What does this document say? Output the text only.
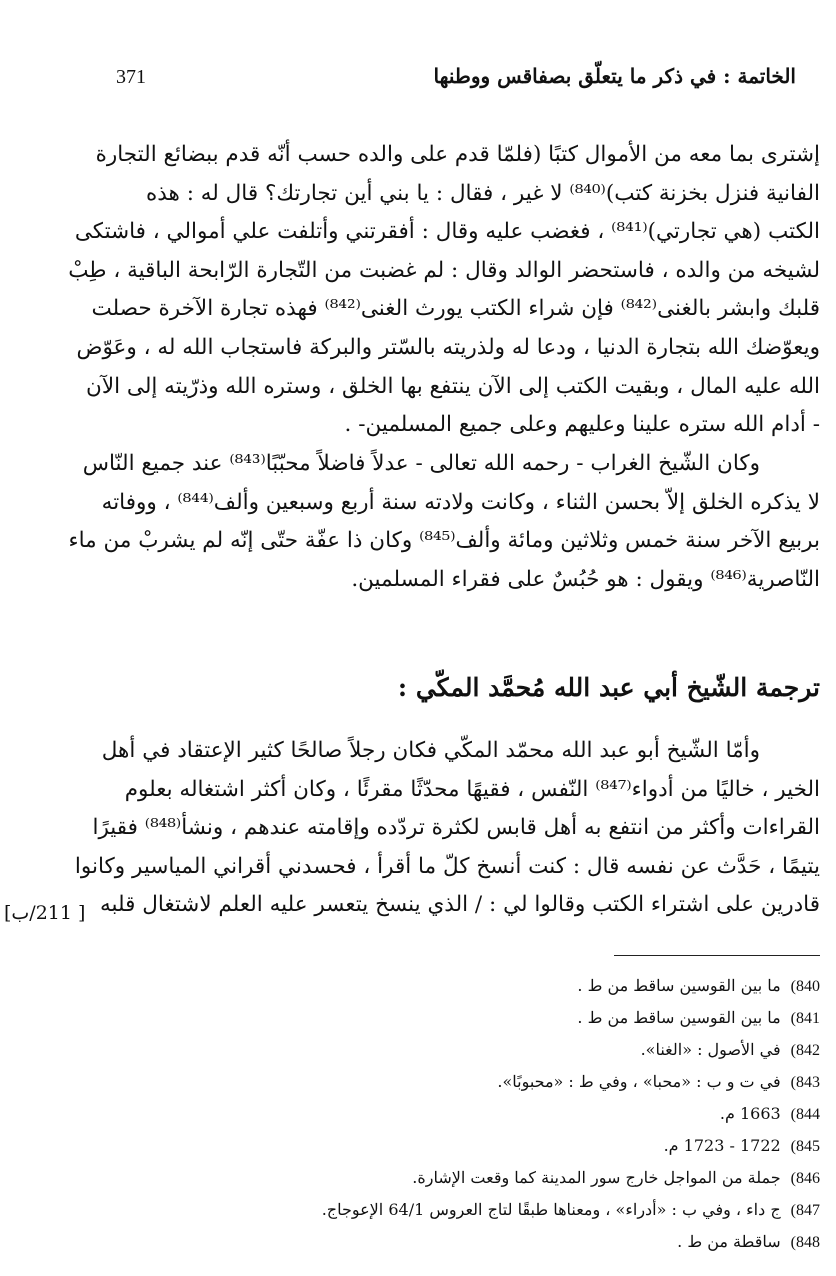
371	الخاتمة : في ذكر ما يتعلّق بصفاقس ووطنها
إشترى بما معه من الأموال كتبًا (فلمّا قدم على والده حسب أنّه قدم ببضائع التجارة
الفانية فنزل بخزنة كتب)⁽⁸⁴⁰⁾ لا غير ، فقال : يا بني أين تجارتك؟ قال له : هذه
الكتب (هي تجارتي)⁽⁸⁴¹⁾ ، فغضب عليه وقال : أفقرتني وأتلفت علي أموالي ، فاشتكى
لشيخه من والده ، فاستحضر الوالد وقال : لم غضبت من التّجارة الرّابحة الباقية ، طِبْ
قلبك وابشر بالغنى⁽⁸⁴²⁾ فإن شراء الكتب يورث الغنى⁽⁸⁴²⁾ فهذه تجارة الآخرة حصلت
ويعوّضك الله بتجارة الدنيا ، ودعا له ولذريته بالسّتر والبركة فاستجاب الله له ، وعَوّض
الله عليه المال ، وبقيت الكتب إلى الآن ينتفع بها الخلق ، وستره الله وذرّيته إلى الآن
- أدام الله ستره علينا وعليهم وعلى جميع المسلمين- .
وكان الشّيخ الغراب - رحمه الله تعالى - عدلاً فاضلاً محبّبًا⁽⁸⁴³⁾ عند جميع النّاس
لا يذكره الخلق إلاّ بحسن الثناء ، وكانت ولادته سنة أربع وسبعين وألف⁽⁸⁴⁴⁾ ، ووفاته
بربيع الآخر سنة خمس وثلاثين ومائة وألف⁽⁸⁴⁵⁾ وكان ذا عفّة حتّى إنّه لم يشربْ من ماء
النّاصرية⁽⁸⁴⁶⁾ ويقول : هو حُبُسٌ على فقراء المسلمين.
ترجمة الشّيخ أبي عبد الله مُحمَّد المكّي :
وأمّا الشّيخ أبو عبد الله محمّد المكّي فكان رجلاً صالحًا كثير الإعتقاد في أهل
الخير ، خاليًا من أدواء⁽⁸⁴⁷⁾ النّفس ، فقيهًا محدّثًا مقرئًا ، وكان أكثر اشتغاله بعلوم
القراءات وأكثر من انتفع به أهل قابس لكثرة تردّده وإقامته عندهم ، ونشأ⁽⁸⁴⁸⁾ فقيرًا
يتيمًا ، حَدَّث عن نفسه قال : كنت أنسخ كلّ ما أقرأ ، فحسدني أقراني المياسير وكانوا
قادرين على اشتراء الكتب وقالوا لي : / الذي ينسخ يتعسر عليه العلم لاشتغال قلبه
[ 211/ب]
840)ما بين القوسين ساقط من ط .
841)ما بين القوسين ساقط من ط .
842)في الأصول : «الغنا».
843)في ت و ب : «محبا» ، وفي ط : «محبوبًا».
844)1663 م.
845)1722 - 1723 م.
846)جملة من المواجل خارج سور المدينة كما وقعت الإشارة.
847)ج داء ، وفي ب : «أدراء» ، ومعناها طبقًا لتاج العروس 64/1 الإعوجاج.
848)ساقطة من ط .
